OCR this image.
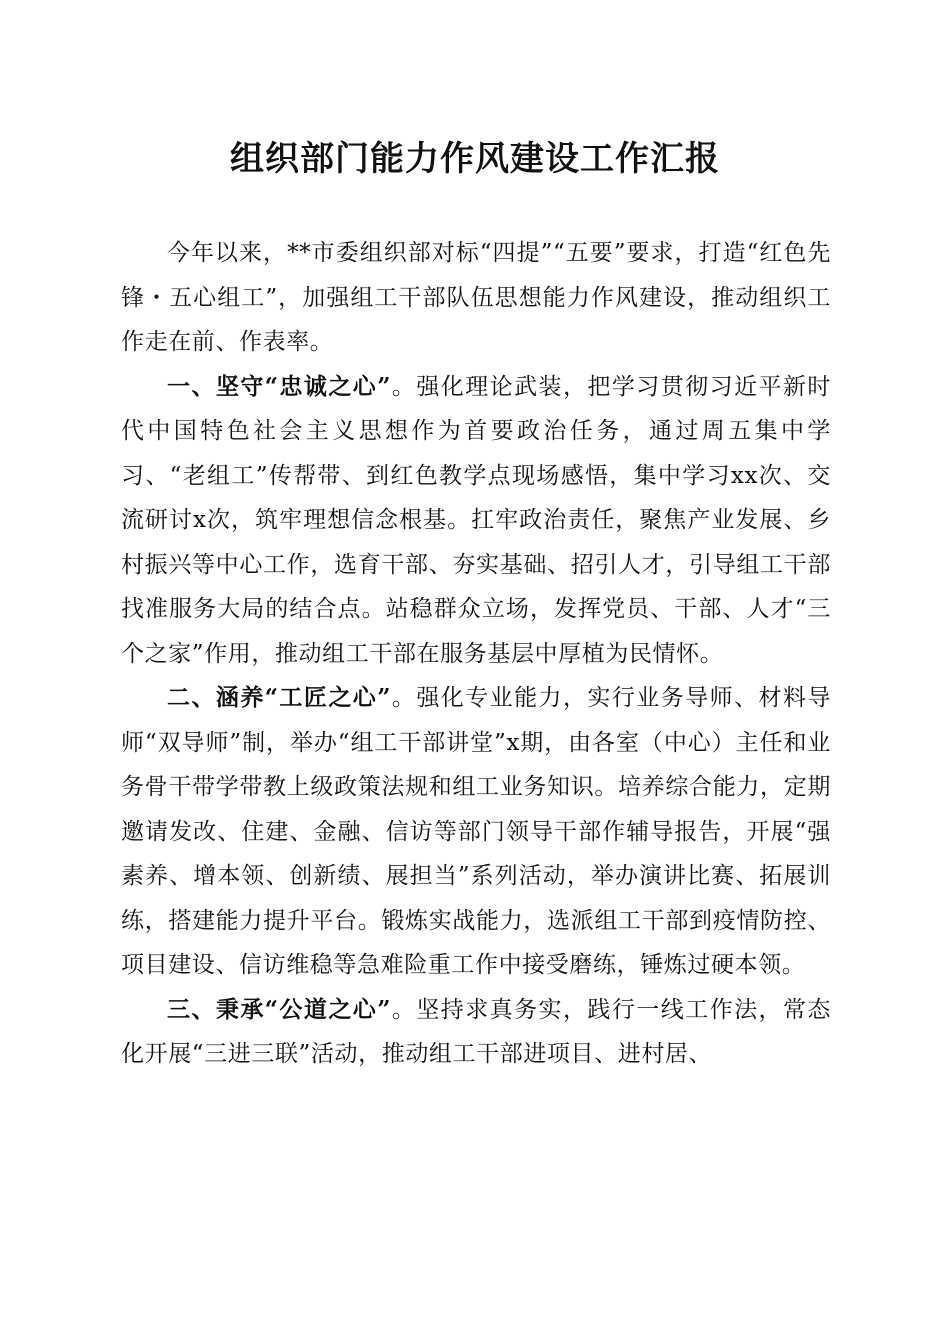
组织部门能力作风建设工作汇报

今年以来，**市委组织部对标“四提”“五要”要求，打造“红色先锋・五心组工”，加强组工干部队伍思想能力作风建设，推动组织工作走在前、作表率。

一、坚守“忠诚之心”。强化理论武装，把学习贯彻习近平新时代中国特色社会主义思想作为首要政治任务，通过周五集中学习、“老组工”传帮带、到红色教学点现场感悟，集中学习xx次、交流研讨x次，筑牢理想信念根基。扛牢政治责任，聚焦产业发展、乡村振兴等中心工作，选育干部、夯实基础、招引人才，引导组工干部找准服务大局的结合点。站稳群众立场，发挥党员、干部、人才“三个之家”作用，推动组工干部在服务基层中厚植为民情怀。

二、涵养“工匠之心”。强化专业能力，实行业务导师、材料导师“双导师”制，举办“组工干部讲堂”x期，由各室（中心）主任和业务骨干带学带教上级政策法规和组工业务知识。培养综合能力，定期邀请发改、住建、金融、信访等部门领导干部作辅导报告，开展“强素养、增本领、创新绩、展担当”系列活动，举办演讲比赛、拓展训练，搭建能力提升平台。锻炼实战能力，选派组工干部到疫情防控、项目建设、信访维稳等急难险重工作中接受磨练，锤炼过硬本领。

三、秉承“公道之心”。坚持求真务实，践行一线工作法，常态化开展“三进三联”活动，推动组工干部进项目、进村居、
